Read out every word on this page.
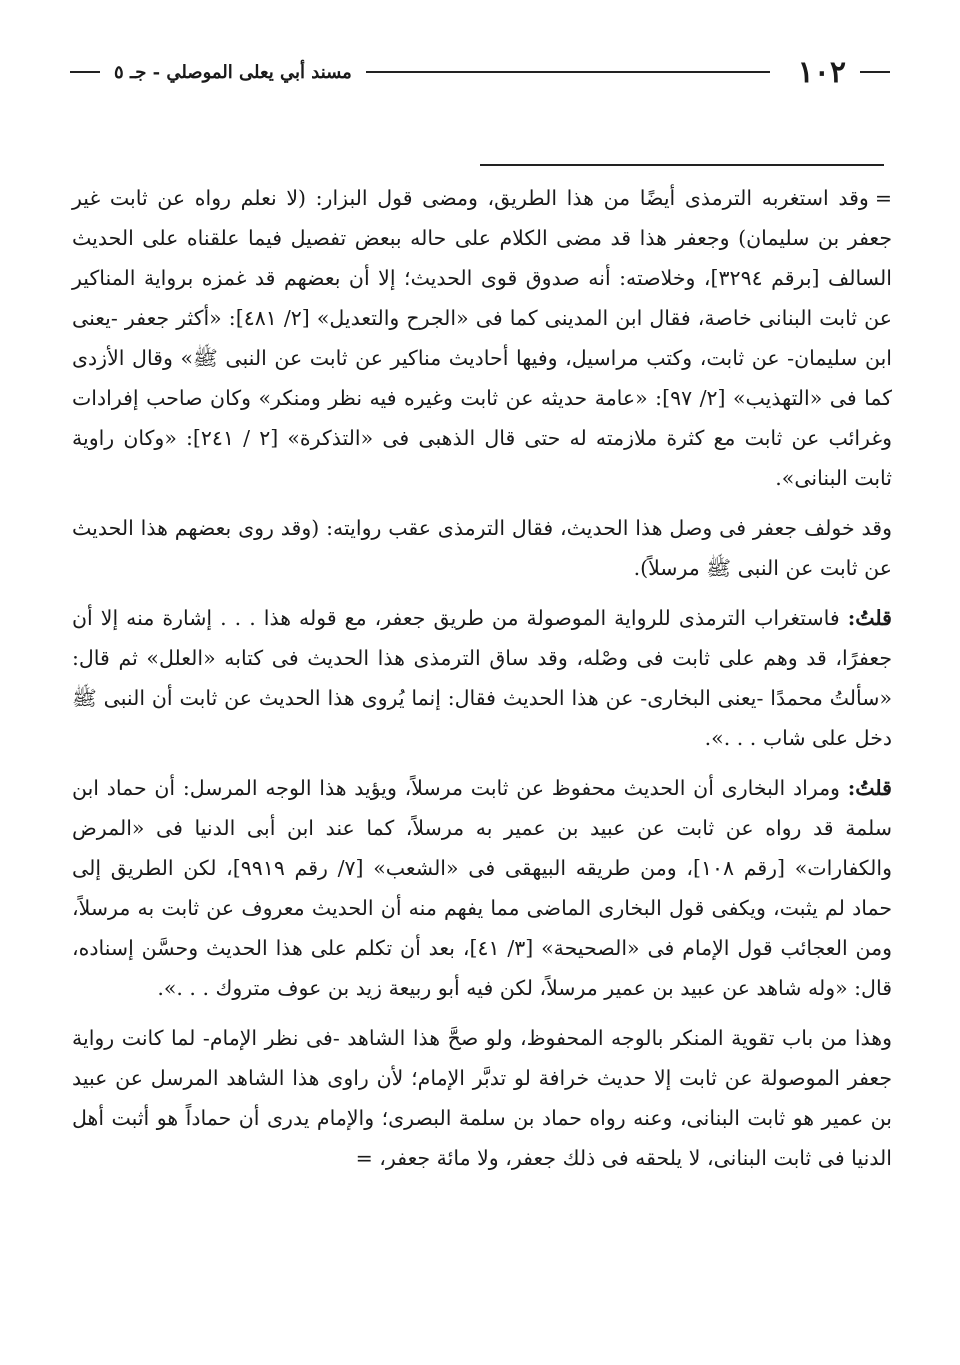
١٠٢
مسند أبي يعلى الموصلي - جـ ٥

=وقد استغربه الترمذى أيضًا من هذا الطريق، ومضى قول البزار: (لا نعلم رواه عن ثابت غير جعفر بن سليمان) وجعفر هذا قد مضى الكلام على حاله ببعض تفصيل فيما علقناه على الحديث السالف [برقم ٣٢٩٤]، وخلاصته: أنه صدوق قوى الحديث؛ إلا أن بعضهم قد غمزه برواية المناكير عن ثابت البنانى خاصة، فقال ابن المدينى كما فى «الجرح والتعديل» [٢/ ٤٨١]: «أكثر جعفر -يعنى ابن سليمان- عن ثابت، وكتب مراسيل، وفيها أحاديث مناكير عن ثابت عن النبى ﷺ» وقال الأزدى كما فى «التهذيب» [٢/ ٩٧]: «عامة حديثه عن ثابت وغيره فيه نظر ومنكر» وكان صاحب إفرادات وغرائب عن ثابت مع كثرة ملازمته له حتى قال الذهبى فى «التذكرة» [٢ / ٢٤١]: «وكان راوية ثابت البنانى».

وقد خولف جعفر فى وصل هذا الحديث، فقال الترمذى عقب روايته: (وقد روى بعضهم هذا الحديث عن ثابت عن النبى ﷺ مرسلاً).

قلتُ: فاستغراب الترمذى للرواية الموصولة من طريق جعفر، مع قوله هذا . . . إشارة منه إلا أن جعفرًا، قد وهم على ثابت فى وصْله، وقد ساق الترمذى هذا الحديث فى كتابه «العلل» ثم قال: «سألتُ محمدًا -يعنى البخارى- عن هذا الحديث فقال: إنما يُروى هذا الحديث عن ثابت أن النبى ﷺ دخل على شاب . . .».

قلتُ: ومراد البخارى أن الحديث محفوظ عن ثابت مرسلاً، ويؤيد هذا الوجه المرسل: أن حماد ابن سلمة قد رواه عن ثابت عن عبيد بن عمير به مرسلاً، كما عند ابن أبى الدنيا فى «المرض والكفارات» [رقم ١٠٨]، ومن طريقه البيهقى فى «الشعب» [٧/ رقم ٩٩١٩]، لكن الطريق إلى حماد لم يثبت، ويكفى قول البخارى الماضى مما يفهم منه أن الحديث معروف عن ثابت به مرسلاً، ومن العجائب قول الإمام فى «الصحيحة» [٣/ ٤١]، بعد أن تكلم على هذا الحديث وحسَّن إسناده، قال: «وله شاهد عن عبيد بن عمير مرسلاً، لكن فيه أبو ربيعة زيد بن عوف متروك . . .».

وهذا من باب تقوية المنكر بالوجه المحفوظ، ولو صحَّ هذا الشاهد -فى نظر الإمام- لما كانت رواية جعفر الموصولة عن ثابت إلا حديث خرافة لو تدبَّر الإمام؛ لأن راوى هذا الشاهد المرسل عن عبيد بن عمير هو ثابت البنانى، وعنه رواه حماد بن سلمة البصرى؛ والإمام يدرى أن حماداً هو أثبت أهل الدنيا فى ثابت البنانى، لا يلحقه فى ذلك جعفر، ولا مائة جعفر، =
